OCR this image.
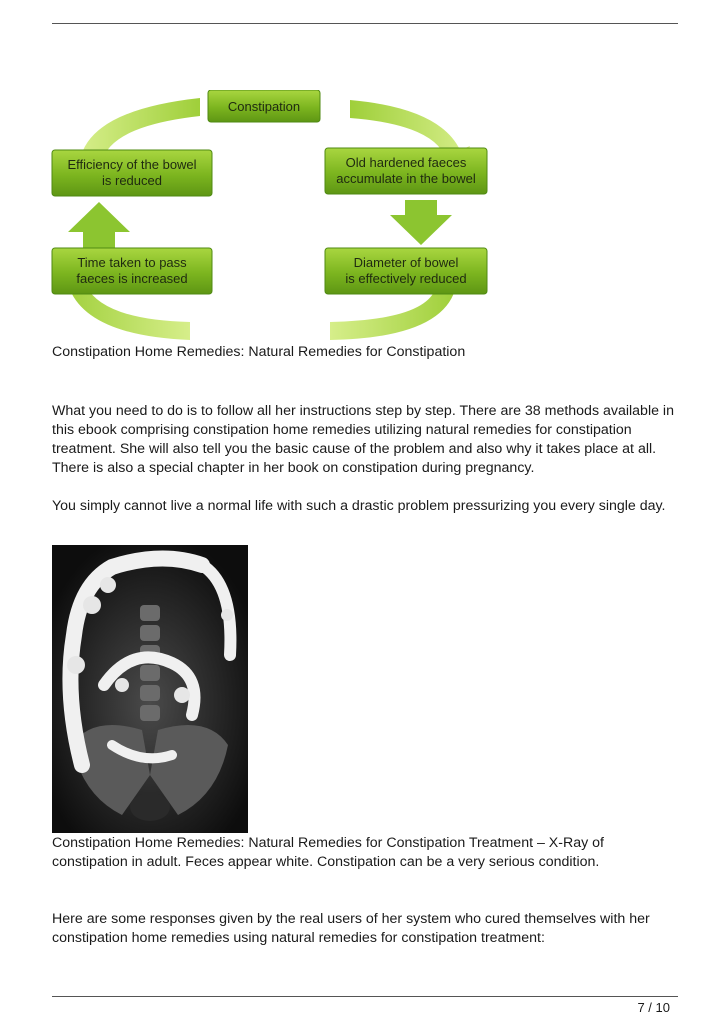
Constipation
Old hardened faeces
accumulate in the bowel
Diameter of bowel
is effectively reduced
Time taken to pass
faeces is increased
Efficiency of the bowel
is reduced

Constipation Home Remedies: Natural Remedies for Constipation

What you need to do is to follow all her instructions step by step. There are 38 methods available in this ebook comprising constipation home remedies utilizing natural remedies for constipation treatment. She will also tell you the basic cause of the problem and also why it takes place at all. There is also a special chapter in her book on constipation during pregnancy.

You simply cannot live a normal life with such a drastic problem pressurizing you every single day.

Constipation Home Remedies: Natural Remedies for Constipation Treatment – X-Ray of constipation in adult. Feces appear white. Constipation can be a very serious condition.

Here are some responses given by the real users of her system who cured themselves with her constipation home remedies using natural remedies for constipation treatment:

7 / 10
